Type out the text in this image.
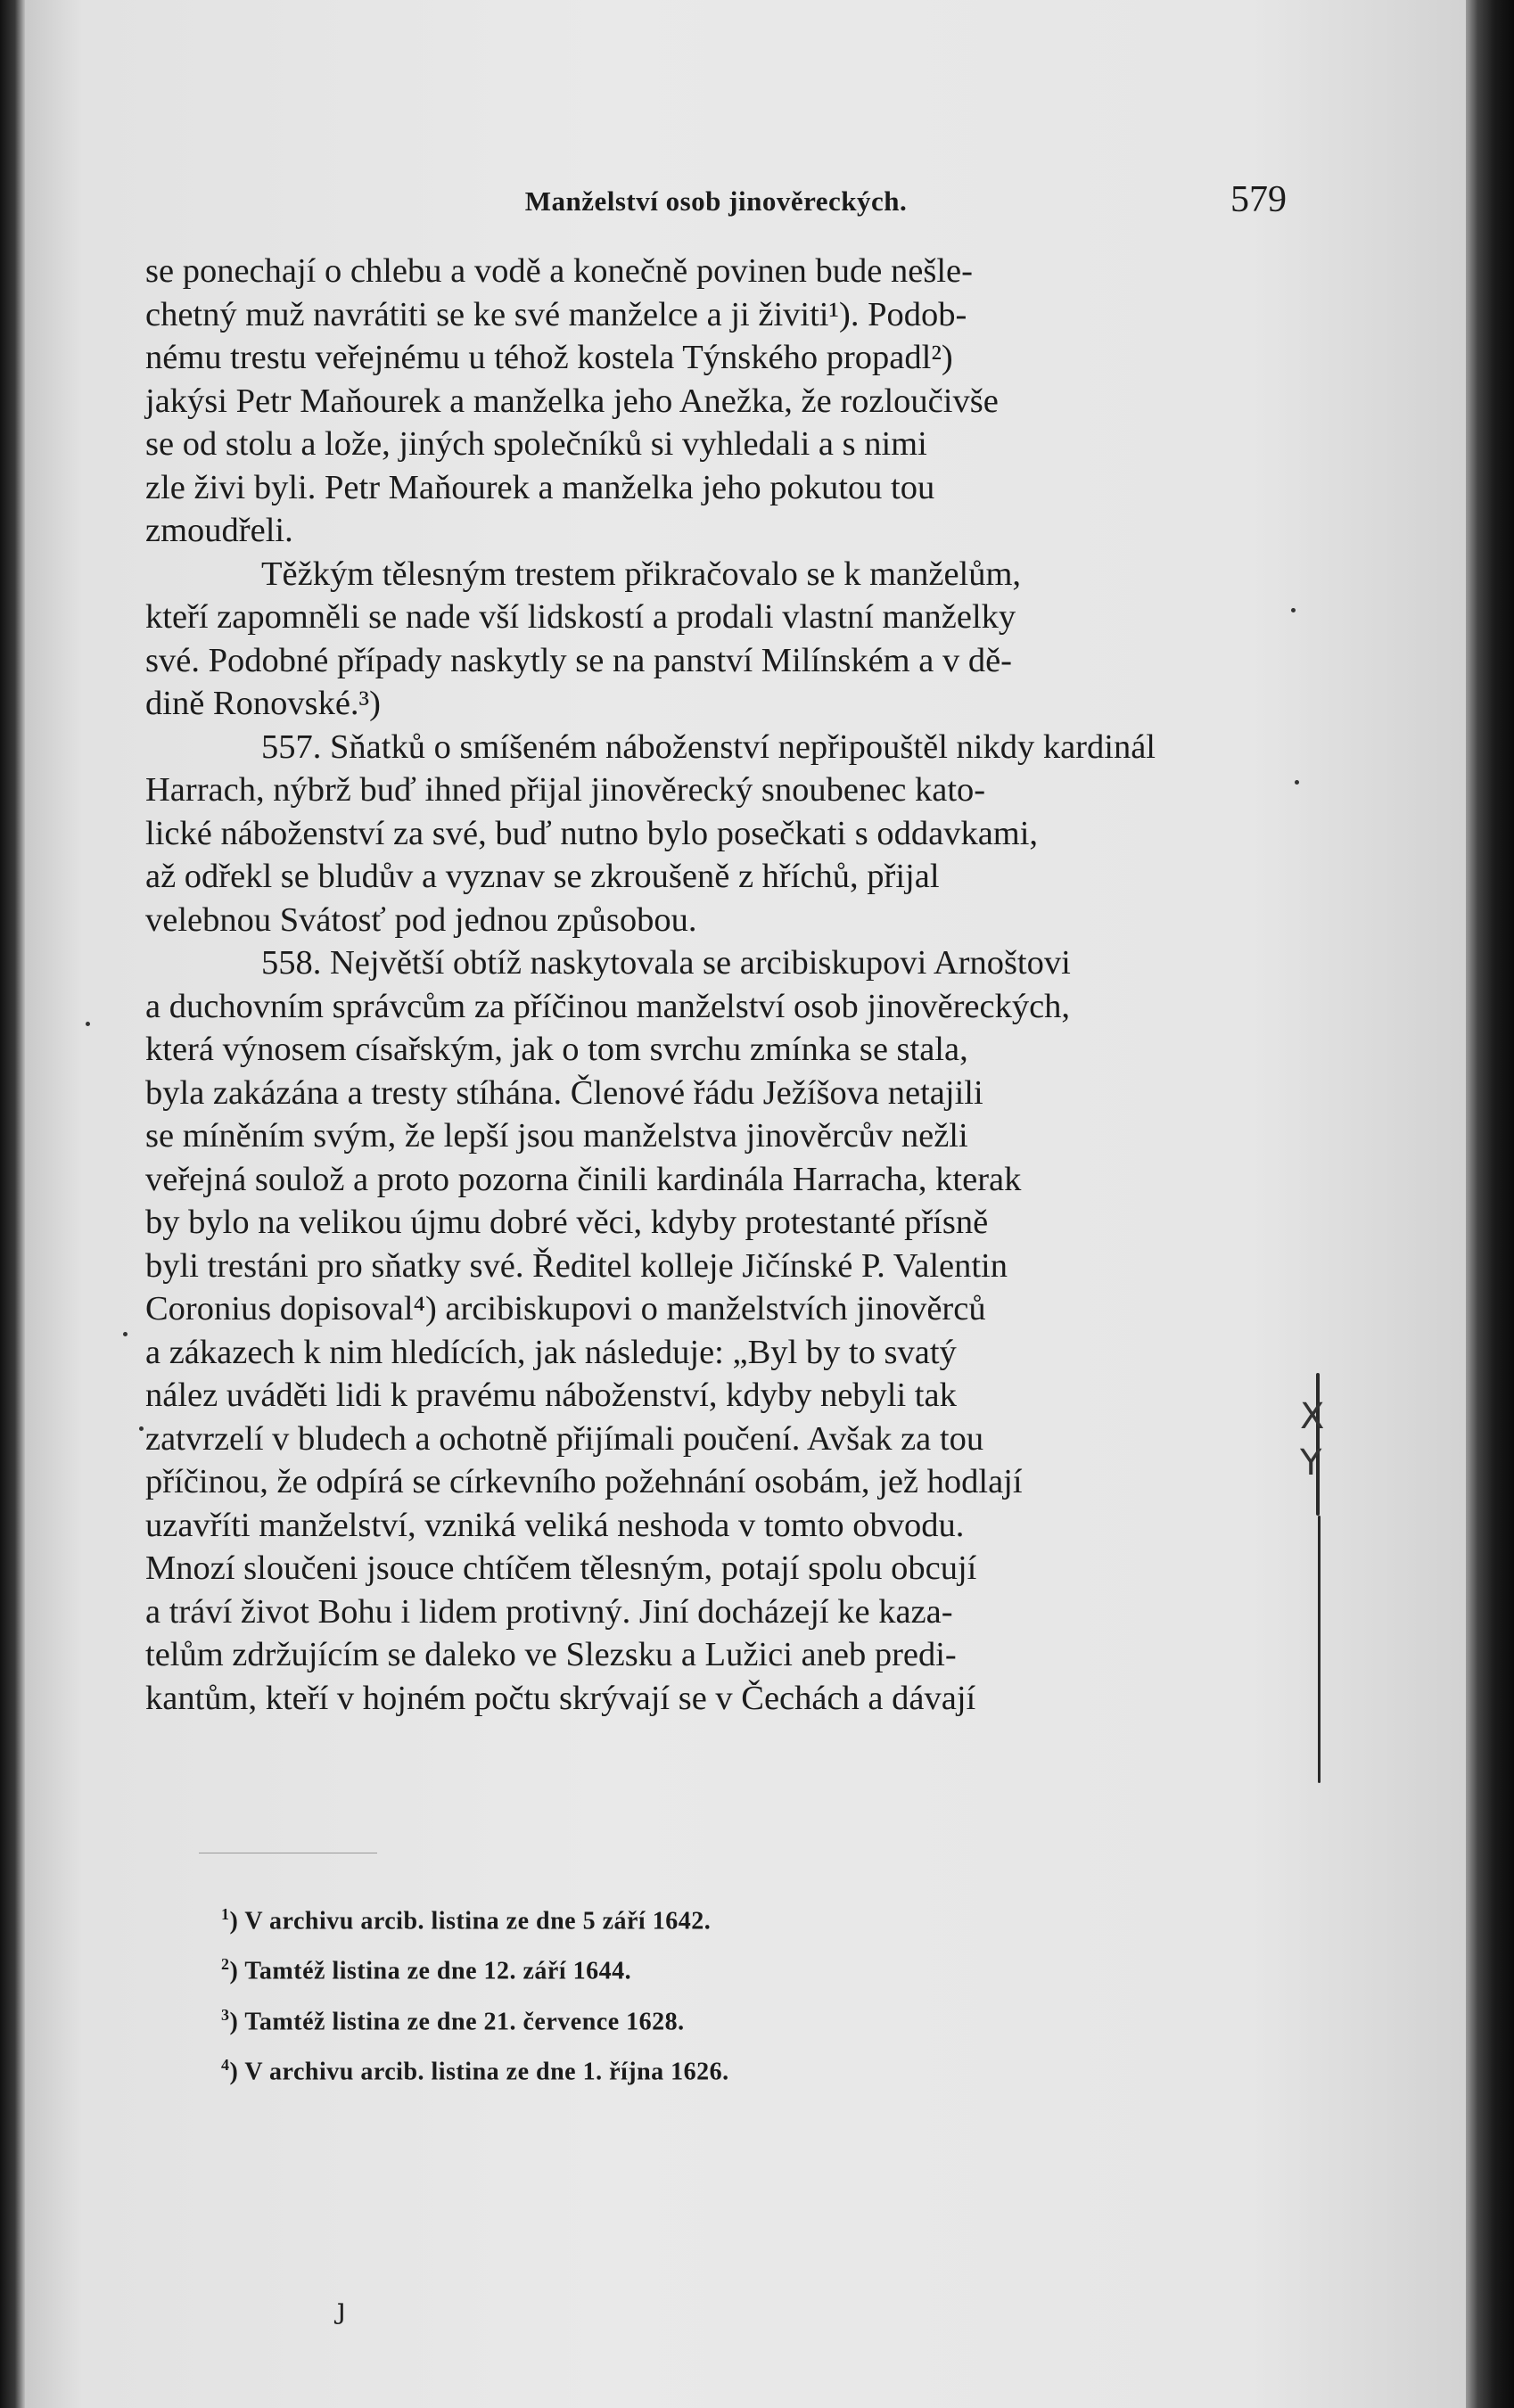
Manželství osob jinověreckých.	579
se ponechají o chlebu a vodě a konečně povinen bude nešle-
chetný muž navrátiti se ke své manželce a ji živiti¹). Podob-
nému trestu veřejnému u téhož kostela Týnského propadl²)
jakýsi Petr Maňourek a manželka jeho Anežka, že rozloučivše
se od stolu a lože, jiných společníků si vyhledali a s nimi
zle živi byli. Petr Maňourek a manželka jeho pokutou tou
zmoudřeli.
Těžkým tělesným trestem přikračovalo se k manželům,
kteří zapomněli se nade vší lidskostí a prodali vlastní manželky
své. Podobné případy naskytly se na panství Milínském a v dě-
dině Ronovské.³)
557. Sňatků o smíšeném náboženství nepřipouštěl nikdy kardinál
Harrach, nýbrž buď ihned přijal jinověrecký snoubenec kato-
lické náboženství za své, buď nutno bylo posečkati s oddavkami,
až odřekl se bludův a vyznav se zkroušeně z hříchů, přijal
velebnou Svátosť pod jednou způsobou.
558. Největší obtíž naskytovala se arcibiskupovi Arnoštovi
a duchovním správcům za příčinou manželství osob jinověreckých,
která výnosem císařským, jak o tom svrchu zmínka se stala,
byla zakázána a tresty stíhána. Členové řádu Ježíšova netajili
se míněním svým, že lepší jsou manželstva jinověrcův nežli
veřejná soulož a proto pozorna činili kardinála Harracha, kterak
by bylo na velikou újmu dobré věci, kdyby protestanté přísně
byli trestáni pro sňatky své. Ředitel kolleje Jičínské P. Valentin
Coronius dopisoval⁴) arcibiskupovi o manželstvích jinověrců
a zákazech k nim hledících, jak následuje: „Byl by to svatý
nález uváděti lidi k pravému náboženství, kdyby nebyli tak
zatvrzelí v bludech a ochotně přijímali poučení. Avšak za tou
příčinou, že odpírá se církevního požehnání osobám, jež hodlají
uzavříti manželství, vzniká veliká neshoda v tomto obvodu.
Mnozí sloučeni jsouce chtíčem tělesným, potají spolu obcují
a tráví život Bohu i lidem protivný. Jiní docházejí ke kaza-
telům zdržujícím se daleko ve Slezsku a Lužici aneb predi-
kantům, kteří v hojném počtu skrývají se v Čechách a dávají
X
Y
$^1$) V archivu arcib. listina ze dne 5 září 1642.
$^2$) Tamtéž listina ze dne 12. září 1644.
$^3$) Tamtéž listina ze dne 21. července 1628.
$^4$) V archivu arcib. listina ze dne 1. října 1626.
ȷ
